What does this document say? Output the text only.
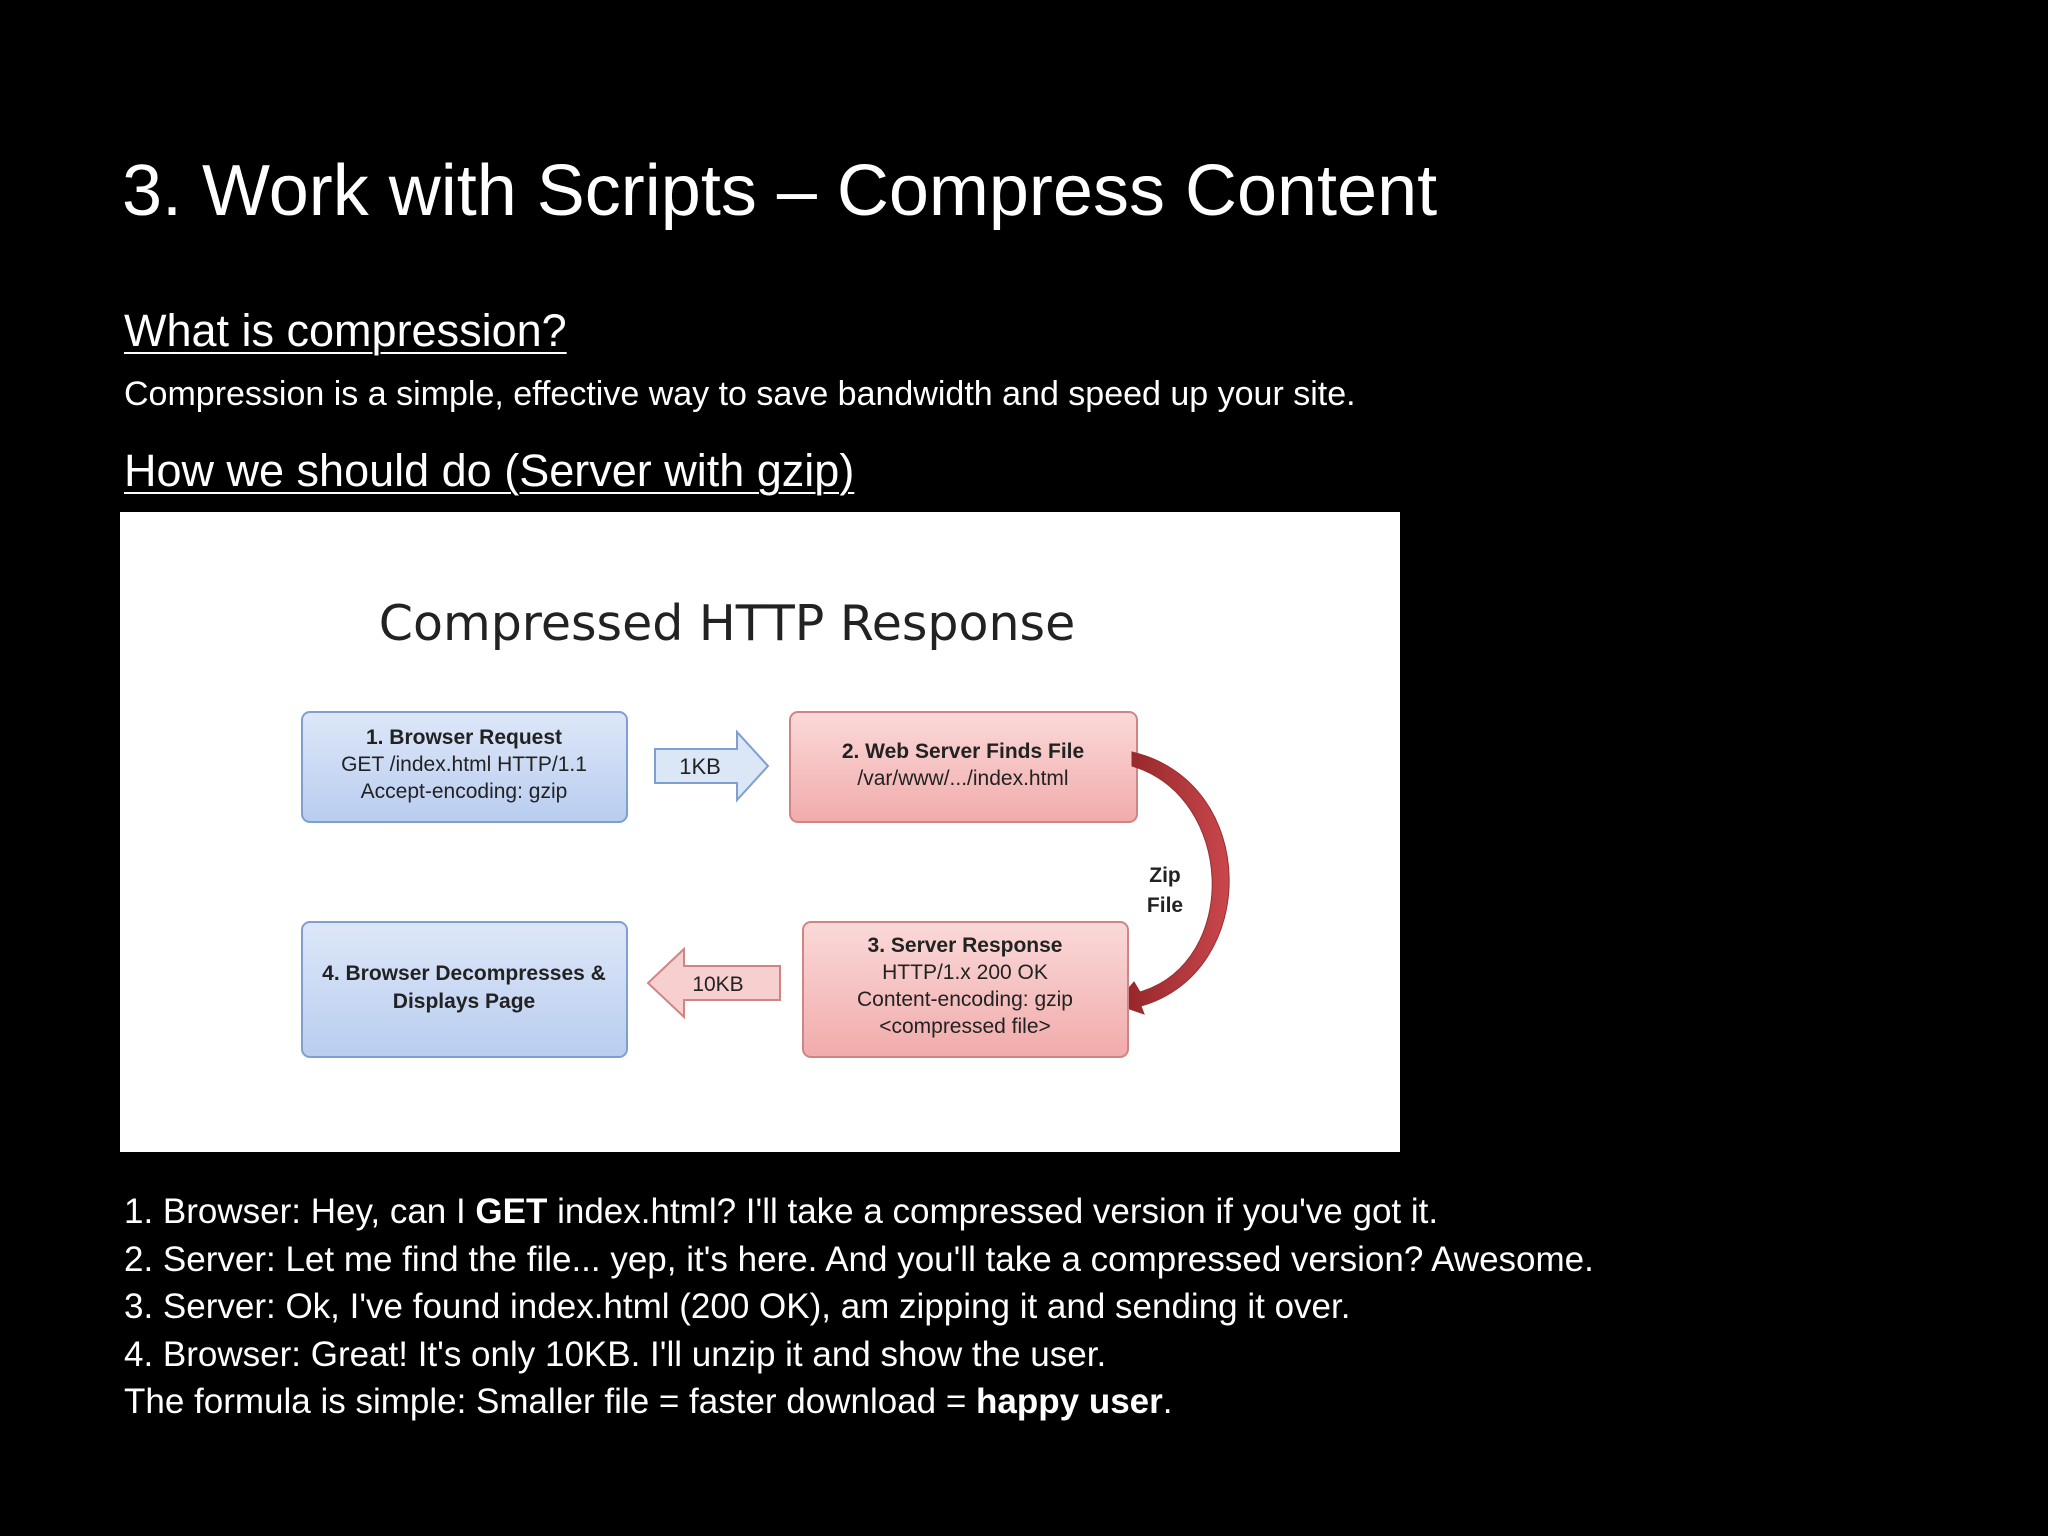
3. Work with Scripts – Compress Content
What is compression?
Compression is a simple, effective way to save bandwidth and speed up your site.
How we should do (Server with gzip)
Compressed HTTP Response
1. Browser Request
GET /index.html HTTP/1.1
Accept-encoding: gzip
1KB
2. Web Server Finds File
/var/www/.../index.html
Zip
File
3. Server Response
HTTP/1.x 200 OK
Content-encoding: gzip
<compressed file>
10KB
4. Browser Decompresses &
Displays Page
1. Browser: Hey, can I GET index.html? I'll take a compressed version if you've got it.
2. Server: Let me find the file... yep, it's here. And you'll take a compressed version? Awesome.
3. Server: Ok, I've found index.html (200 OK), am zipping it and sending it over.
4. Browser: Great! It's only 10KB. I'll unzip it and show the user.
The formula is simple: Smaller file = faster download = happy user.
